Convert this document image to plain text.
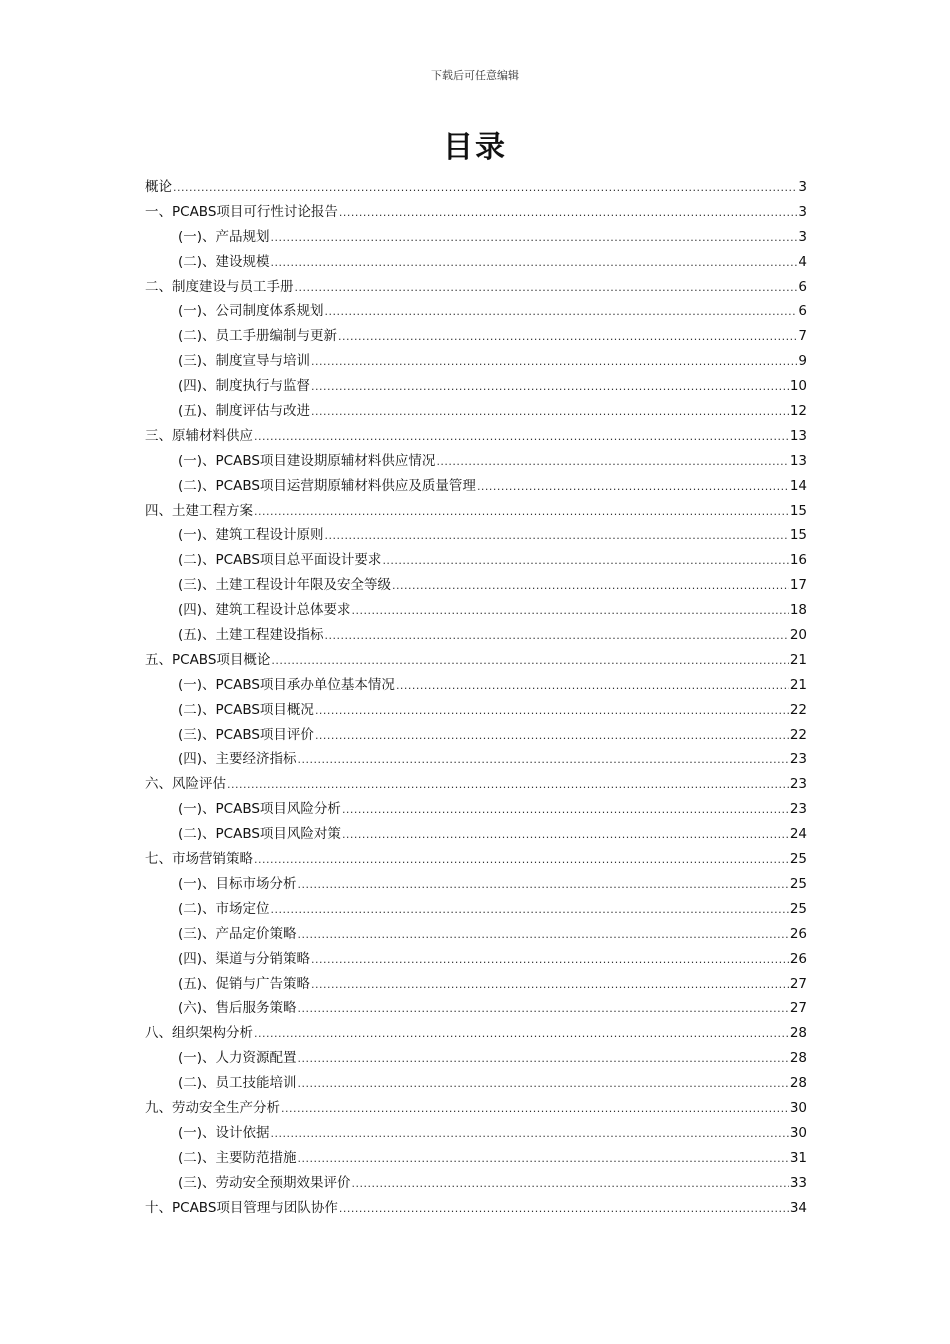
下载后可任意编辑
目录
概论 .....	3
一、PCABS项目可行性讨论报告 .....	3
(一)、产品规划 .....	3
(二)、建设规模 .....	4
二、制度建设与员工手册 .....	6
(一)、公司制度体系规划 .....	6
(二)、员工手册编制与更新 .....	7
(三)、制度宣导与培训 .....	9
(四)、制度执行与监督 .....	10
(五)、制度评估与改进 .....	12
三、原辅材料供应 .....	13
(一)、PCABS项目建设期原辅材料供应情况 .....	13
(二)、PCABS项目运营期原辅材料供应及质量管理 .....	14
四、土建工程方案 .....	15
(一)、建筑工程设计原则 .....	15
(二)、PCABS项目总平面设计要求 .....	16
(三)、土建工程设计年限及安全等级 .....	17
(四)、建筑工程设计总体要求 .....	18
(五)、土建工程建设指标 .....	20
五、PCABS项目概论 .....	21
(一)、PCABS项目承办单位基本情况 .....	21
(二)、PCABS项目概况 .....	22
(三)、PCABS项目评价 .....	22
(四)、主要经济指标 .....	23
六、风险评估 .....	23
(一)、PCABS项目风险分析 .....	23
(二)、PCABS项目风险对策 .....	24
七、市场营销策略 .....	25
(一)、目标市场分析 .....	25
(二)、市场定位 .....	25
(三)、产品定价策略 .....	26
(四)、渠道与分销策略 .....	26
(五)、促销与广告策略 .....	27
(六)、售后服务策略 .....	27
八、组织架构分析 .....	28
(一)、人力资源配置 .....	28
(二)、员工技能培训 .....	28
九、劳动安全生产分析 .....	30
(一)、设计依据 .....	30
(二)、主要防范措施 .....	31
(三)、劳动安全预期效果评价 .....	33
十、PCABS项目管理与团队协作 .....	34
